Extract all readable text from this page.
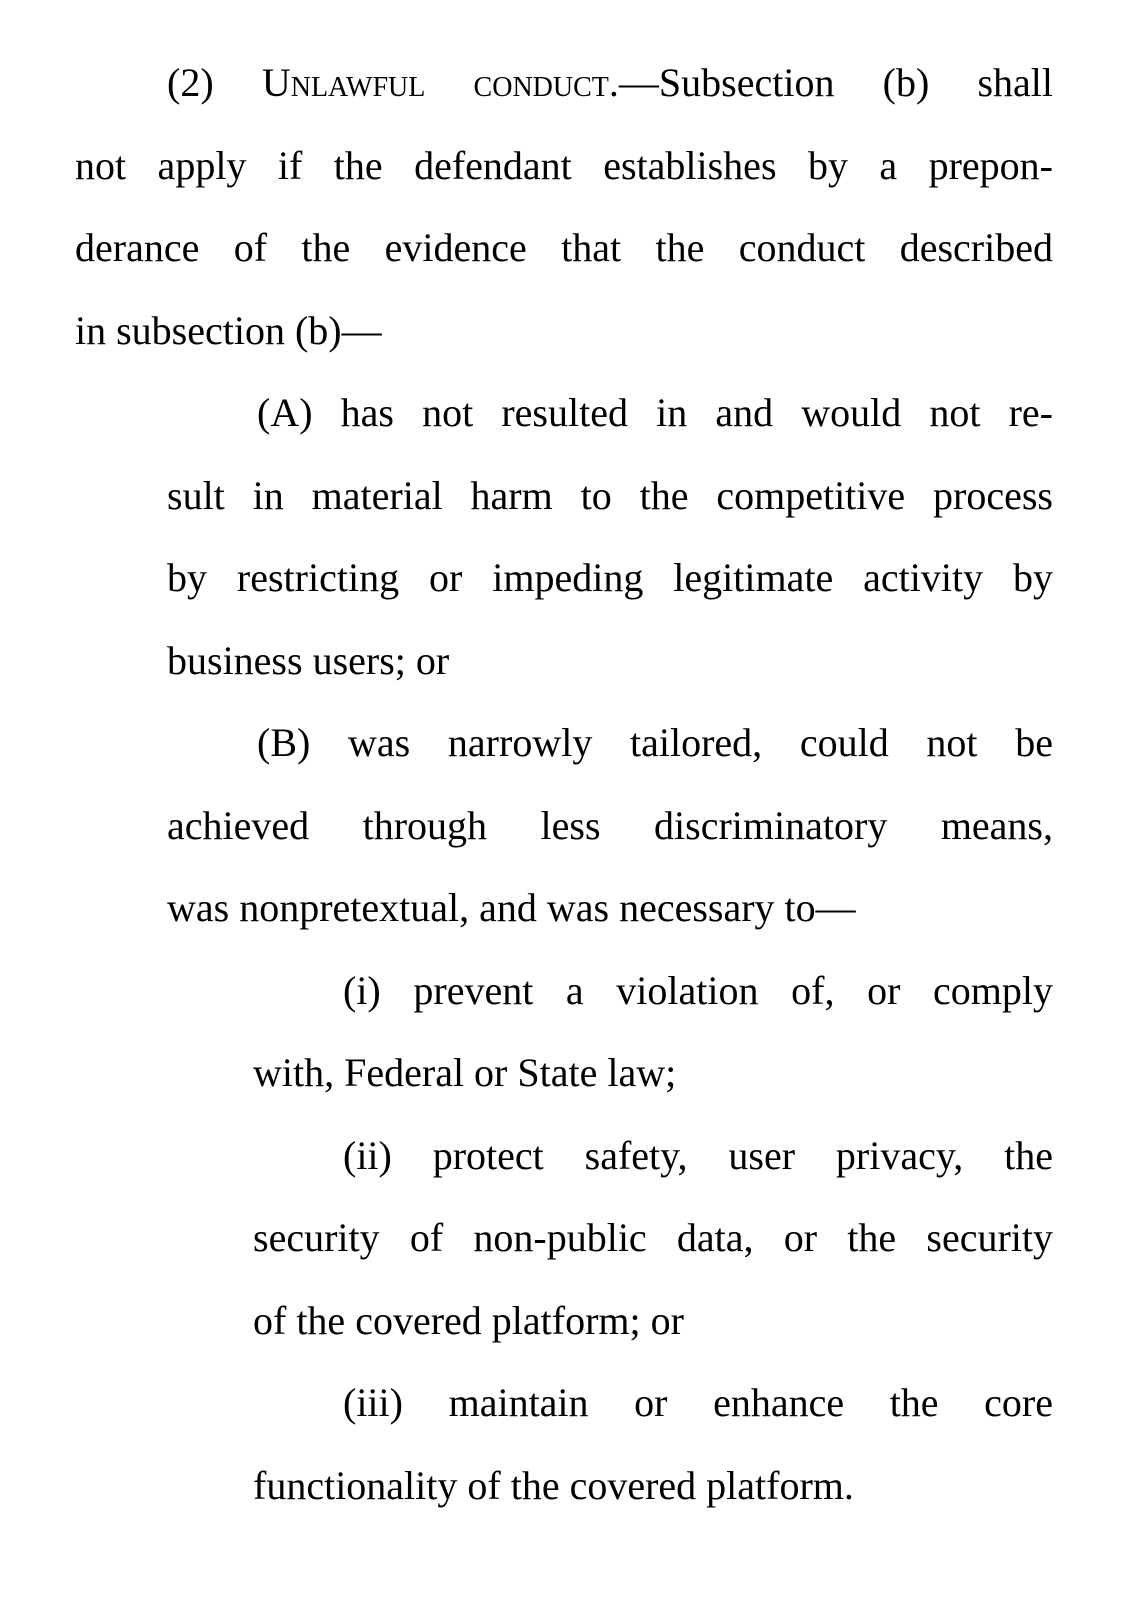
(2) Unlawful conduct.—Subsection (b) shall
not apply if the defendant establishes by a prepon-
derance of the evidence that the conduct described
in subsection (b)—
(A) has not resulted in and would not re-
sult in material harm to the competitive process
by restricting or impeding legitimate activity by
business users; or
(B) was narrowly tailored, could not be
achieved through less discriminatory means,
was nonpretextual, and was necessary to—
(i) prevent a violation of, or comply
with, Federal or State law;
(ii) protect safety, user privacy, the
security of non-public data, or the security
of the covered platform; or
(iii) maintain or enhance the core
functionality of the covered platform.
